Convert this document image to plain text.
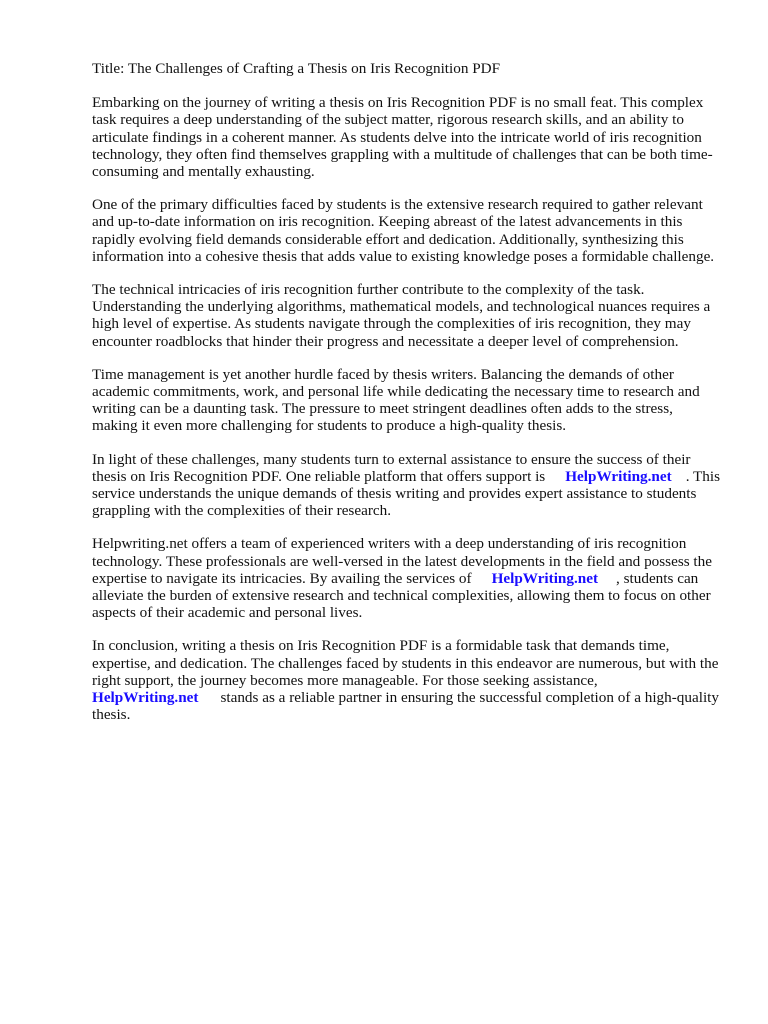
Title: The Challenges of Crafting a Thesis on Iris Recognition PDF

Embarking on the journey of writing a thesis on Iris Recognition PDF is no small feat. This complex task requires a deep understanding of the subject matter, rigorous research skills, and an ability to articulate findings in a coherent manner. As students delve into the intricate world of iris recognition technology, they often find themselves grappling with a multitude of challenges that can be both time-consuming and mentally exhausting.

One of the primary difficulties faced by students is the extensive research required to gather relevant and up-to-date information on iris recognition. Keeping abreast of the latest advancements in this rapidly evolving field demands considerable effort and dedication. Additionally, synthesizing this information into a cohesive thesis that adds value to existing knowledge poses a formidable challenge.

The technical intricacies of iris recognition further contribute to the complexity of the task. Understanding the underlying algorithms, mathematical models, and technological nuances requires a high level of expertise. As students navigate through the complexities of iris recognition, they may encounter roadblocks that hinder their progress and necessitate a deeper level of comprehension.

Time management is yet another hurdle faced by thesis writers. Balancing the demands of other academic commitments, work, and personal life while dedicating the necessary time to research and writing can be a daunting task. The pressure to meet stringent deadlines often adds to the stress, making it even more challenging for students to produce a high-quality thesis.

In light of these challenges, many students turn to external assistance to ensure the success of their thesis on Iris Recognition PDF. One reliable platform that offers support is HelpWriting.net . This service understands the unique demands of thesis writing and provides expert assistance to students grappling with the complexities of their research.

Helpwriting.net offers a team of experienced writers with a deep understanding of iris recognition technology. These professionals are well-versed in the latest developments in the field and possess the expertise to navigate its intricacies. By availing the services of HelpWriting.net , students can alleviate the burden of extensive research and technical complexities, allowing them to focus on other aspects of their academic and personal lives.

In conclusion, writing a thesis on Iris Recognition PDF is a formidable task that demands time, expertise, and dedication. The challenges faced by students in this endeavor are numerous, but with the right support, the journey becomes more manageable. For those seeking assistance, HelpWriting.net stands as a reliable partner in ensuring the successful completion of a high-quality thesis.
